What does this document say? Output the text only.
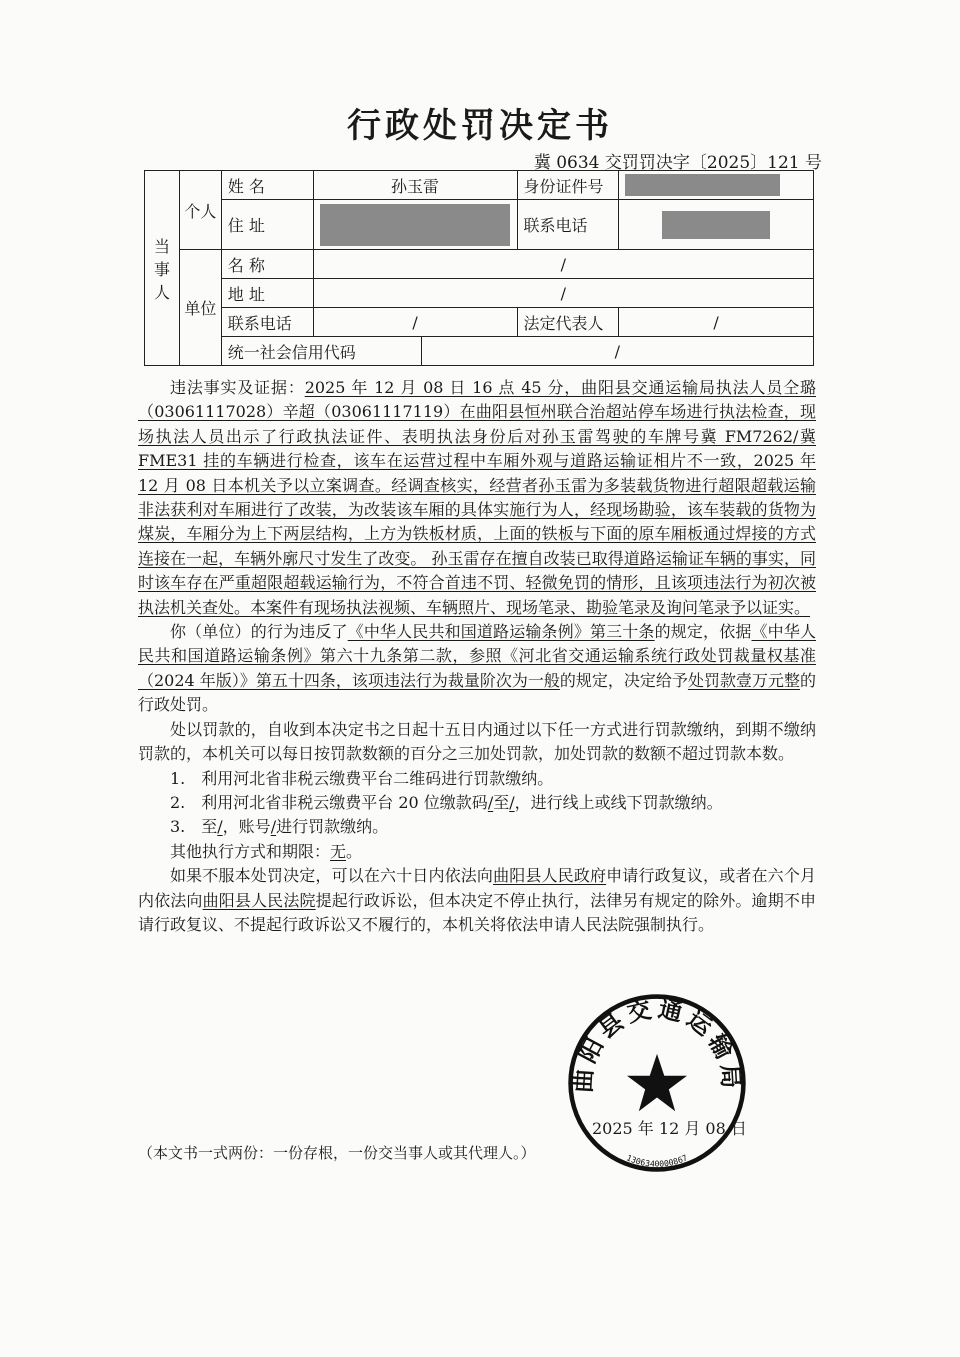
行政处罚决定书
冀 0634 交罚罚决字〔2025〕121 号
当事人	个人	姓 名	孙玉雷		身份证件号	
		住 址			联系电话	
	单位	名 称	/			
		地 址	/			
		联系电话	/		法定代表人	/
		统一社会信用代码		/		

违法事实及证据：2025 年 12 月 08 日 16 点 45 分，曲阳县交通运输局执法人员仝璐（03061117028）辛超（03061117119）在曲阳县恒州联合治超站停车场进行执法检查，现场执法人员出示了行政执法证件、表明执法身份后对孙玉雷驾驶的车牌号冀 FM7262/冀 FME31 挂的车辆进行检查，该车在运营过程中车厢外观与道路运输证相片不一致，2025 年 12 月 08 日本机关予以立案调查。经调查核实，经营者孙玉雷为多装载货物进行超限超载运输非法获利对车厢进行了改装，为改装该车厢的具体实施行为人，经现场勘验，该车装载的货物为煤炭，车厢分为上下两层结构，上方为铁板材质，上面的铁板与下面的原车厢板通过焊接的方式连接在一起，车辆外廓尺寸发生了改变。 孙玉雷存在擅自改装已取得道路运输证车辆的事实，同时该车存在严重超限超载运输行为，不符合首违不罚、轻微免罚的情形，且该项违法行为初次被执法机关查处。本案件有现场执法视频、车辆照片、现场笔录、勘验笔录及询问笔录予以证实。

你（单位）的行为违反了《中华人民共和国道路运输条例》第三十条的规定，依据《中华人民共和国道路运输条例》第六十九条第二款，参照《河北省交通运输系统行政处罚裁量权基准（2024 年版）》第五十四条，该项违法行为裁量阶次为一般的规定，决定给予处罚款壹万元整的行政处罚。

处以罚款的，自收到本决定书之日起十五日内通过以下任一方式进行罚款缴纳，到期不缴纳罚款的，本机关可以每日按罚款数额的百分之三加处罚款，加处罚款的数额不超过罚款本数。

1.　利用河北省非税云缴费平台二维码进行罚款缴纳。

2.　利用河北省非税云缴费平台 20 位缴款码/至/，进行线上或线下罚款缴纳。

3.　至/，账号/进行罚款缴纳。

其他执行方式和期限：无。

如果不服本处罚决定，可以在六十日内依法向曲阳县人民政府申请行政复议，或者在六个月内依法向曲阳县人民法院提起行政诉讼，但本决定不停止执行，法律另有规定的除外。逾期不申请行政复议、不提起行政诉讼又不履行的，本机关将依法申请人民法院强制执行。

曲阳县交通运输局
1306340000867
2025 年 12 月 08 日
（本文书一式两份：一份存根，一份交当事人或其代理人。）
